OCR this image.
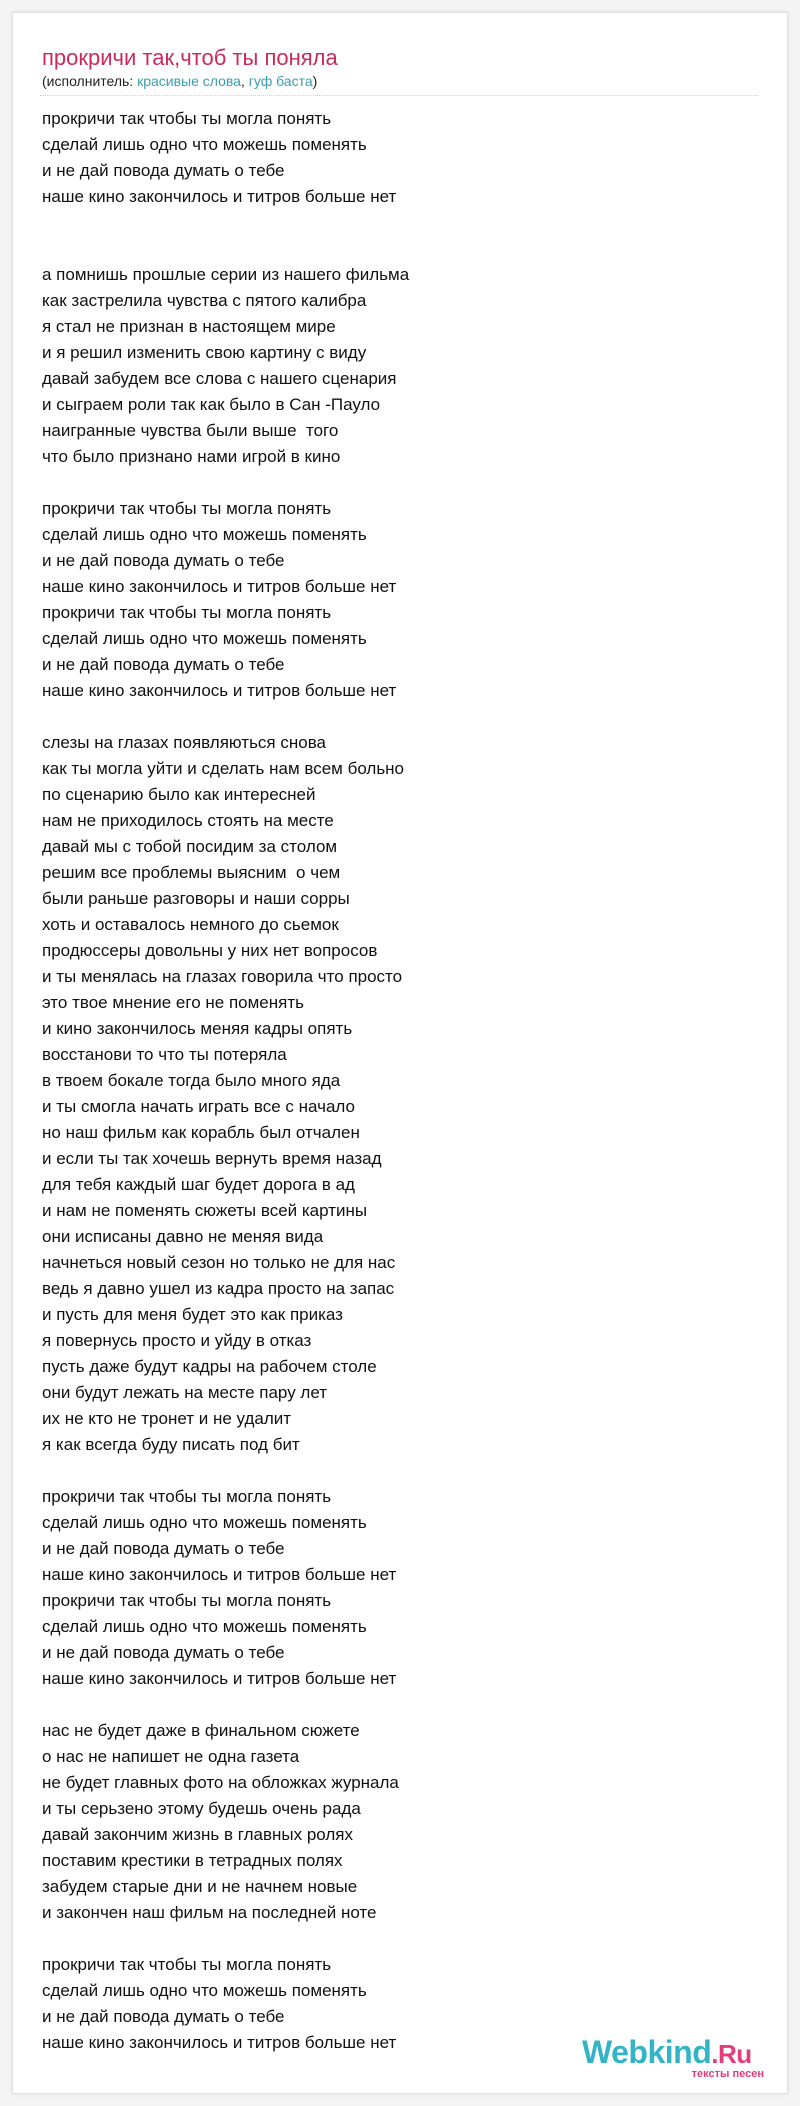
прокричи так,чтоб ты поняла
(исполнитель: красивые слова, гуф баста)
прокричи так чтобы ты могла понять
сделай лишь одно что можешь поменять
и не дай повода думать о тебе
наше кино закончилось и титров больше нет
а помнишь прошлые серии из нашего фильма
как застрелила чувства с пятого калибра
я стал не признан в настоящем мире
и я решил изменить свою картину с виду
давай забудем все слова с нашего сценария
и сыграем роли так как было в Сан -Пауло
наигранные чувства были выше  того
что было признано нами игрой в кино
прокричи так чтобы ты могла понять
сделай лишь одно что можешь поменять
и не дай повода думать о тебе
наше кино закончилось и титров больше нет
прокричи так чтобы ты могла понять
сделай лишь одно что можешь поменять
и не дай повода думать о тебе
наше кино закончилось и титров больше нет
слезы на глазах появляються снова
как ты могла уйти и сделать нам всем больно
по сценарию было как интересней
нам не приходилось стоять на месте
давай мы с тобой посидим за столом
решим все проблемы выясним  о чем
были раньше разговоры и наши сорры
хоть и оставалось немного до сьемок
продюссеры довольны у них нет вопросов
и ты менялась на глазах говорила что просто
это твое мнение его не поменять
и кино закончилось меняя кадры опять
восстанови то что ты потеряла
в твоем бокале тогда было много яда
и ты смогла начать играть все с начало
но наш фильм как корабль был отчален
и если ты так хочешь вернуть время назад
для тебя каждый шаг будет дорога в ад
и нам не поменять сюжеты всей картины
они исписаны давно не меняя вида
начнеться новый сезон но только не для нас
ведь я давно ушел из кадра просто на запас
и пусть для меня будет это как приказ
я повернусь просто и уйду в отказ
пусть даже будут кадры на рабочем столе
они будут лежать на месте пару лет
их не кто не тронет и не удалит
я как всегда буду писать под бит
прокричи так чтобы ты могла понять
сделай лишь одно что можешь поменять
и не дай повода думать о тебе
наше кино закончилось и титров больше нет
прокричи так чтобы ты могла понять
сделай лишь одно что можешь поменять
и не дай повода думать о тебе
наше кино закончилось и титров больше нет
нас не будет даже в финальном сюжете
о нас не напишет не одна газета
не будет главных фото на обложках журнала
и ты серьзено этому будешь очень рада
давай закончим жизнь в главных ролях
поставим крестики в тетрадных полях
забудем старые дни и не начнем новые
и закончен наш фильм на последней ноте
прокричи так чтобы ты могла понять
сделай лишь одно что можешь поменять
и не дай повода думать о тебе
наше кино закончилось и титров больше нет	Webkind.Ru
тексты песен
